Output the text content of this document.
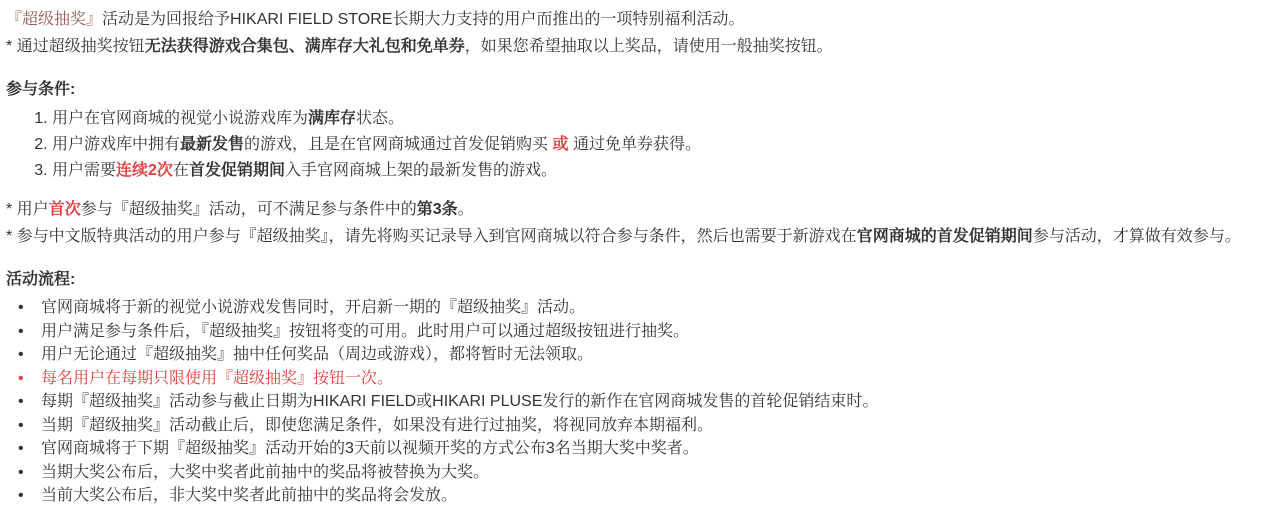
『超级抽奖』活动是为回报给予HIKARI FIELD STORE长期大力支持的用户而推出的一项特别福利活动。

* 通过超级抽奖按钮无法获得游戏合集包、满库存大礼包和免单券，如果您希望抽取以上奖品，请使用一般抽奖按钮。

参与条件:
1. 用户在官网商城的视觉小说游戏库为满库存状态。
2. 用户游戏库中拥有最新发售的游戏，且是在官网商城通过首发促销购买 或 通过免单券获得。
3. 用户需要连续2次在首发促销期间入手官网商城上架的最新发售的游戏。

* 用户首次参与『超级抽奖』活动，可不满足参与条件中的第3条。

* 参与中文版特典活动的用户参与『超级抽奖』，请先将购买记录导入到官网商城以符合参与条件，然后也需要于新游戏在官网商城的首发促销期间参与活动，才算做有效参与。

活动流程:
• 官网商城将于新的视觉小说游戏发售同时，开启新一期的『超级抽奖』活动。
• 用户满足参与条件后，『超级抽奖』按钮将变的可用。此时用户可以通过超级按钮进行抽奖。
• 用户无论通过『超级抽奖』抽中任何奖品（周边或游戏），都将暂时无法领取。
• 每名用户在每期只限使用『超级抽奖』按钮一次。
• 每期『超级抽奖』活动参与截止日期为HIKARI FIELD或HIKARI PLUSE发行的新作在官网商城发售的首轮促销结束时。
• 当期『超级抽奖』活动截止后，即使您满足条件，如果没有进行过抽奖，将视同放弃本期福利。
• 官网商城将于下期『超级抽奖』活动开始的3天前以视频开奖的方式公布3名当期大奖中奖者。
• 当期大奖公布后，大奖中奖者此前抽中的奖品将被替换为大奖。
• 当前大奖公布后，非大奖中奖者此前抽中的奖品将会发放。
